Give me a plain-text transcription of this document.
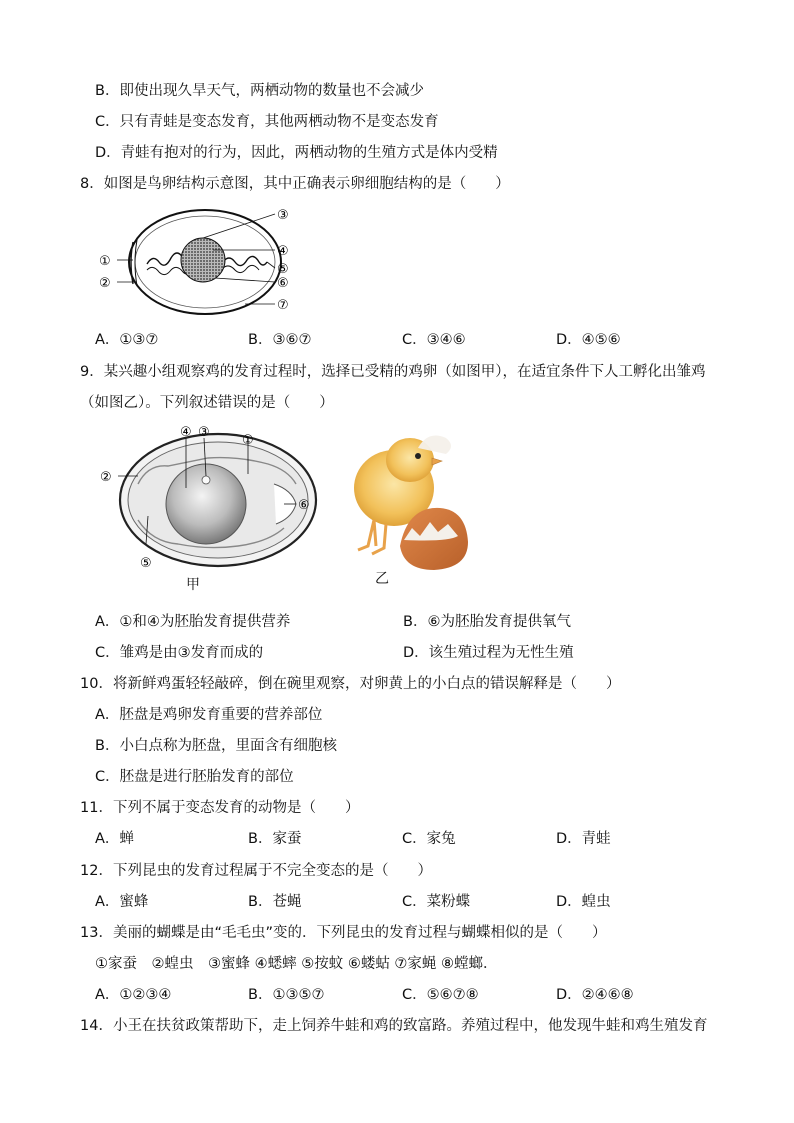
B．即使出现久旱天气，两栖动物的数量也不会减少
C．只有青蛙是变态发育，其他两栖动物不是变态发育
D．青蛙有抱对的行为，因此，两栖动物的生殖方式是体内受精
8．如图是鸟卵结构示意图，其中正确表示卵细胞结构的是（　　）
①
②
③
④
⑤
⑥
⑦
A．①③⑦	B．③⑥⑦	C．③④⑥	D．④⑤⑥
9．某兴趣小组观察鸡的发育过程时，选择已受精的鸡卵（如图甲），在适宜条件下人工孵化出雏鸡
（如图乙）。下列叙述错误的是（　　）
④ ③
①
②
⑤
⑥
甲	乙
A．①和④为胚胎发育提供营养	B．⑥为胚胎发育提供氧气
C．雏鸡是由③发育而成的	D．该生殖过程为无性生殖
10．将新鲜鸡蛋轻轻敲碎，倒在碗里观察，对卵黄上的小白点的错误解释是（　　）
A．胚盘是鸡卵发育重要的营养部位
B．小白点称为胚盘，里面含有细胞核
C．胚盘是进行胚胎发育的部位
11．下列不属于变态发育的动物是（　　）
A．蝉	B．家蚕	C．家兔	D．青蛙
12．下列昆虫的发育过程属于不完全变态的是（　　）
A．蜜蜂	B．苍蝇	C．菜粉蝶	D．蝗虫
13．美丽的蝴蝶是由“毛毛虫”变的．下列昆虫的发育过程与蝴蝶相似的是（　　）
①家蚕　②蝗虫　③蜜蜂 ④蟋蟀 ⑤按蚊 ⑥蝼蛄 ⑦家蝇 ⑧螳螂．
A．①②③④	B．①③⑤⑦	C．⑤⑥⑦⑧	D．②④⑥⑧
14．小王在扶贫政策帮助下，走上饲养牛蛙和鸡的致富路。养殖过程中，他发现牛蛙和鸡生殖发育
